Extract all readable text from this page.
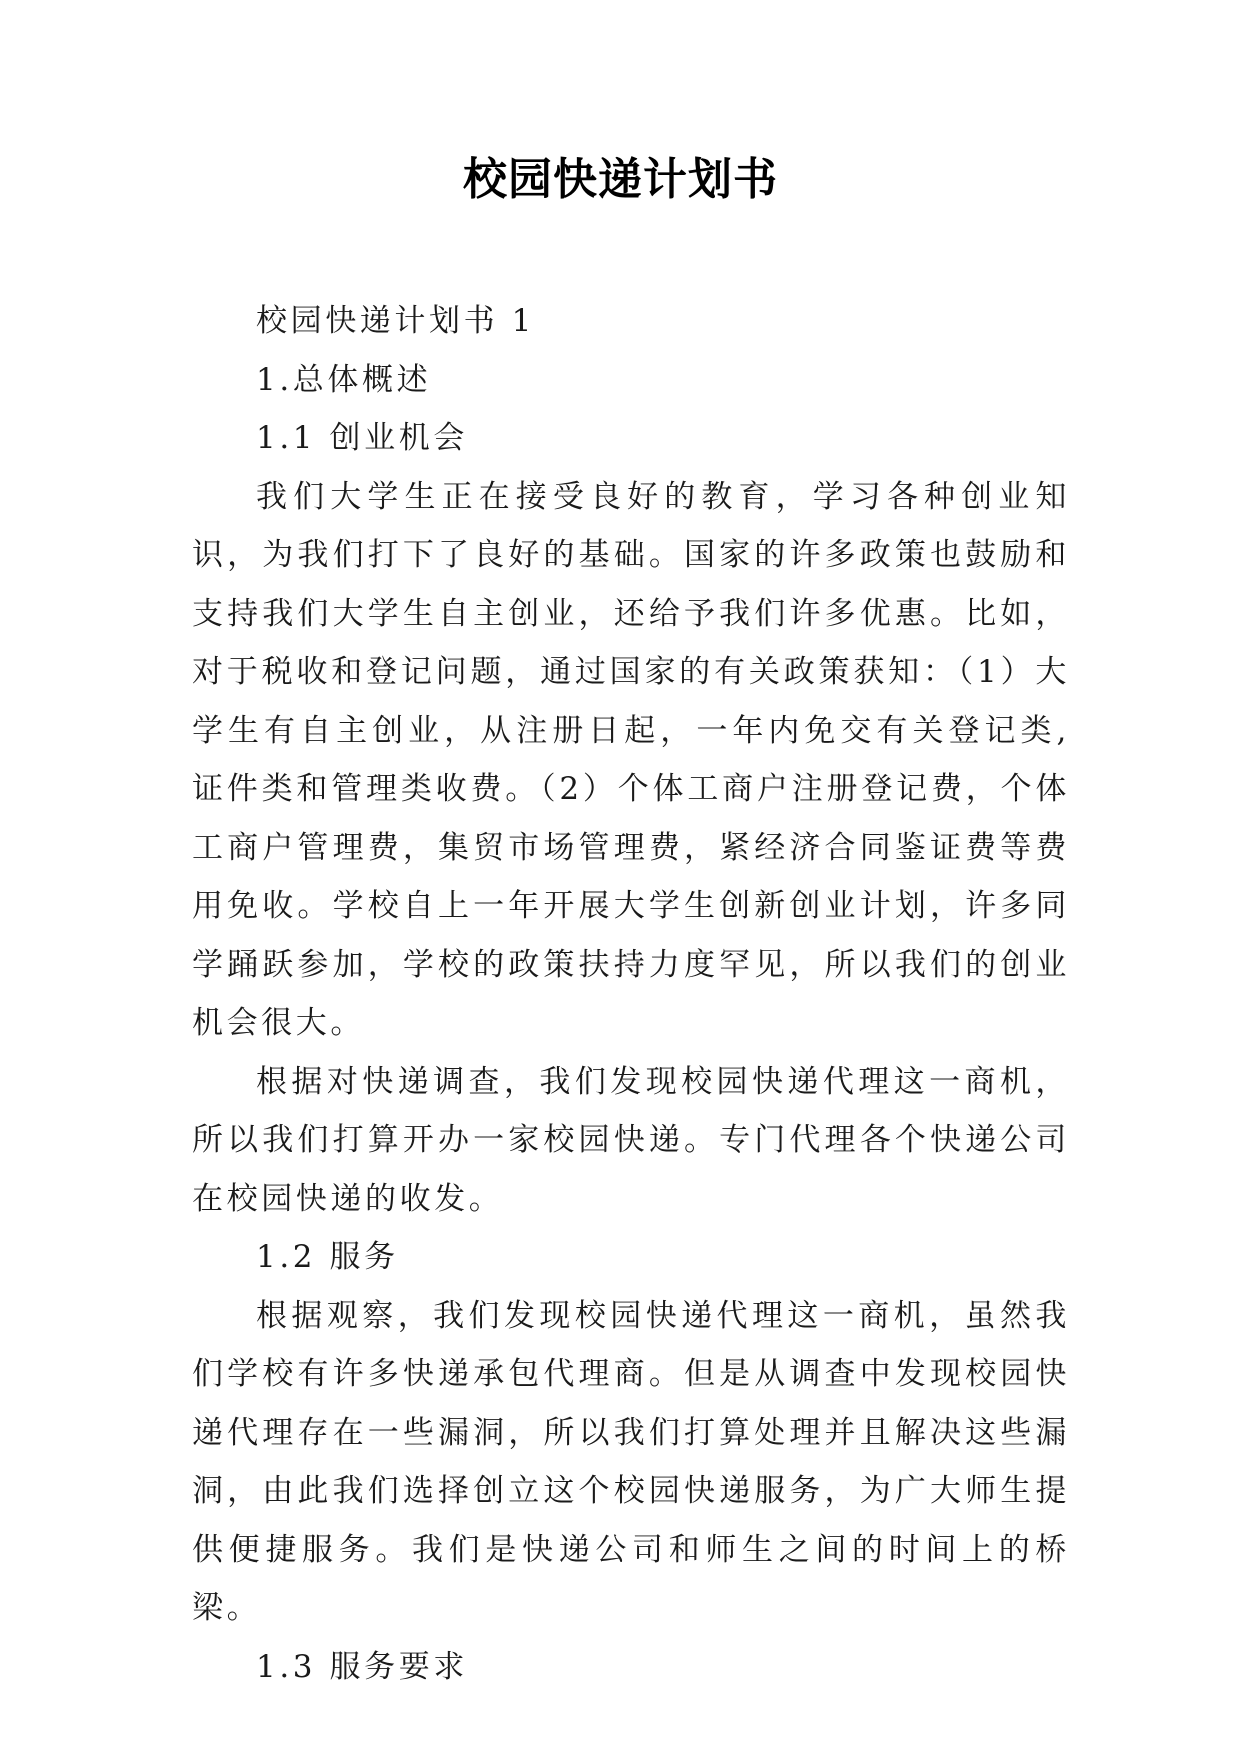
校园快递计划书

校园快递计划书 1

1.总体概述

1.1 创业机会

我们大学生正在接受良好的教育，学习各种创业知识，为我们打下了良好的基础。国家的许多政策也鼓励和支持我们大学生自主创业，还给予我们许多优惠。比如，对于税收和登记问题，通过国家的有关政策获知：（1）大学生有自主创业，从注册日起，一年内免交有关登记类,证件类和管理类收费。（2）个体工商户注册登记费，个体工商户管理费，集贸市场管理费，紧经济合同鉴证费等费用免收。学校自上一年开展大学生创新创业计划，许多同学踊跃参加，学校的政策扶持力度罕见，所以我们的创业机会很大。

根据对快递调查，我们发现校园快递代理这一商机，所以我们打算开办一家校园快递。专门代理各个快递公司在校园快递的收发。

1.2 服务

根据观察，我们发现校园快递代理这一商机，虽然我们学校有许多快递承包代理商。但是从调查中发现校园快递代理存在一些漏洞，所以我们打算处理并且解决这些漏洞，由此我们选择创立这个校园快递服务，为广大师生提供便捷服务。我们是快递公司和师生之间的时间上的桥梁。

1.3 服务要求
